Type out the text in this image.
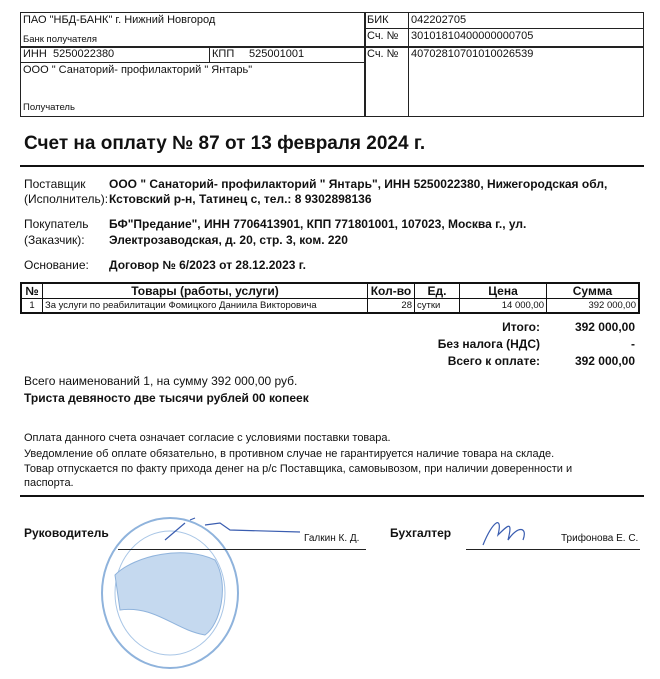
ПАО "НБД-БАНК" г. Нижний Новгород
Банк получателя
БИК 042202705
Сч. № 30101810400000000705
ИНН 5250022380	КПП 525001001	Сч. № 40702810701010026539
ООО " Санаторий- профилакторий " Янтарь"
Получатель
Счет на оплату № 87 от 13 февраля 2024 г.
Поставщик
(Исполнитель):
ООО " Санаторий- профилакторий " Янтарь", ИНН 5250022380, Нижегородская обл,
Кстовский р-н, Татинец с, тел.: 8 9302898136
Покупатель
(Заказчик):
БФ"Предание", ИНН 7706413901, КПП 771801001, 107023, Москва г., ул.
Электрозаводская, д. 20, стр. 3, ком. 220
Основание: Договор № 6/2023 от 28.12.2023 г.
№	Товары (работы, услуги)	Кол-во	Ед.	Цена	Сумма
1	За услуги по реабилитации Фомицкого Даниила Викторовича	28	сутки	14 000,00	392 000,00
Итого:	392 000,00
Без налога (НДС)	-
Всего к оплате:	392 000,00
Всего наименований 1, на сумму 392 000,00 руб.
Триста девяносто две тысячи рублей 00 копеек
Оплата данного счета означает согласие с условиями поставки товара.
Уведомление об оплате обязательно, в противном случае не гарантируется наличие товара на складе.
Товар отпускается по факту прихода денег на р/с Поставщика, самовывозом, при наличии доверенности и
паспорта.
Руководитель	Галкин К. Д.	Бухгалтер	Трифонова Е. С.
